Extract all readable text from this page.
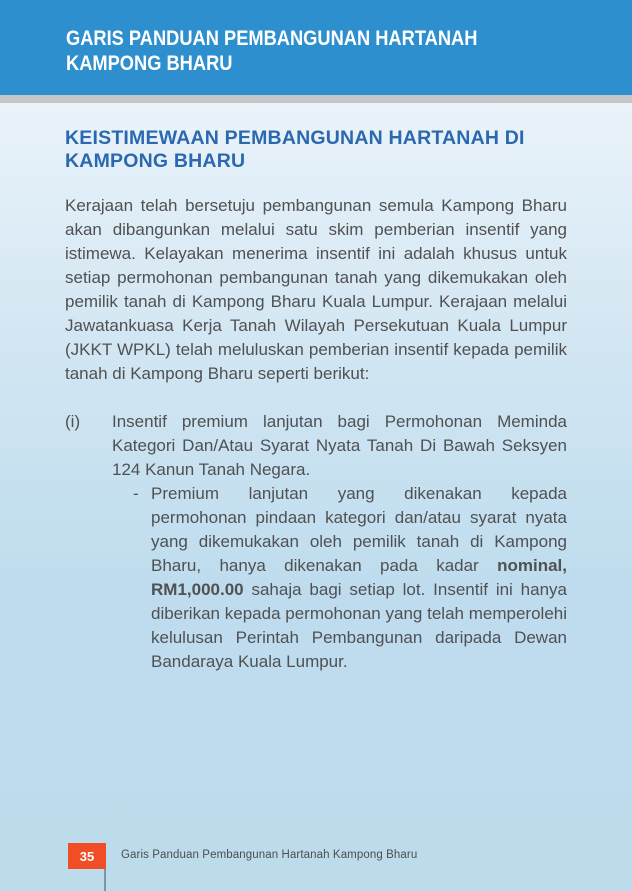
GARIS PANDUAN PEMBANGUNAN HARTANAH
KAMPONG BHARU
KEISTIMEWAAN PEMBANGUNAN HARTANAH DI KAMPONG BHARU
Kerajaan telah bersetuju pembangunan semula Kampong Bharu akan dibangunkan melalui satu skim pemberian insentif yang istimewa. Kelayakan menerima insentif ini adalah khusus untuk setiap permohonan pembangunan tanah yang dikemukakan oleh pemilik tanah di Kampong Bharu Kuala Lumpur. Kerajaan melalui Jawatankuasa Kerja Tanah Wilayah Persekutuan Kuala Lumpur (JKKT WPKL) telah meluluskan pemberian insentif kepada pemilik tanah di Kampong Bharu seperti berikut:
(i)	Insentif premium lanjutan bagi Permohonan Meminda Kategori Dan/Atau Syarat Nyata Tanah Di Bawah Seksyen 124 Kanun Tanah Negara.
- Premium lanjutan yang dikenakan kepada permohonan pindaan kategori dan/atau syarat nyata yang dikemukakan oleh pemilik tanah di Kampong Bharu, hanya dikenakan pada kadar nominal, RM1,000.00 sahaja bagi setiap lot. Insentif ini hanya diberikan kepada permohonan yang telah memperolehi kelulusan Perintah Pembangunan daripada Dewan Bandaraya Kuala Lumpur.
35 Garis Panduan Pembangunan Hartanah Kampong Bharu
